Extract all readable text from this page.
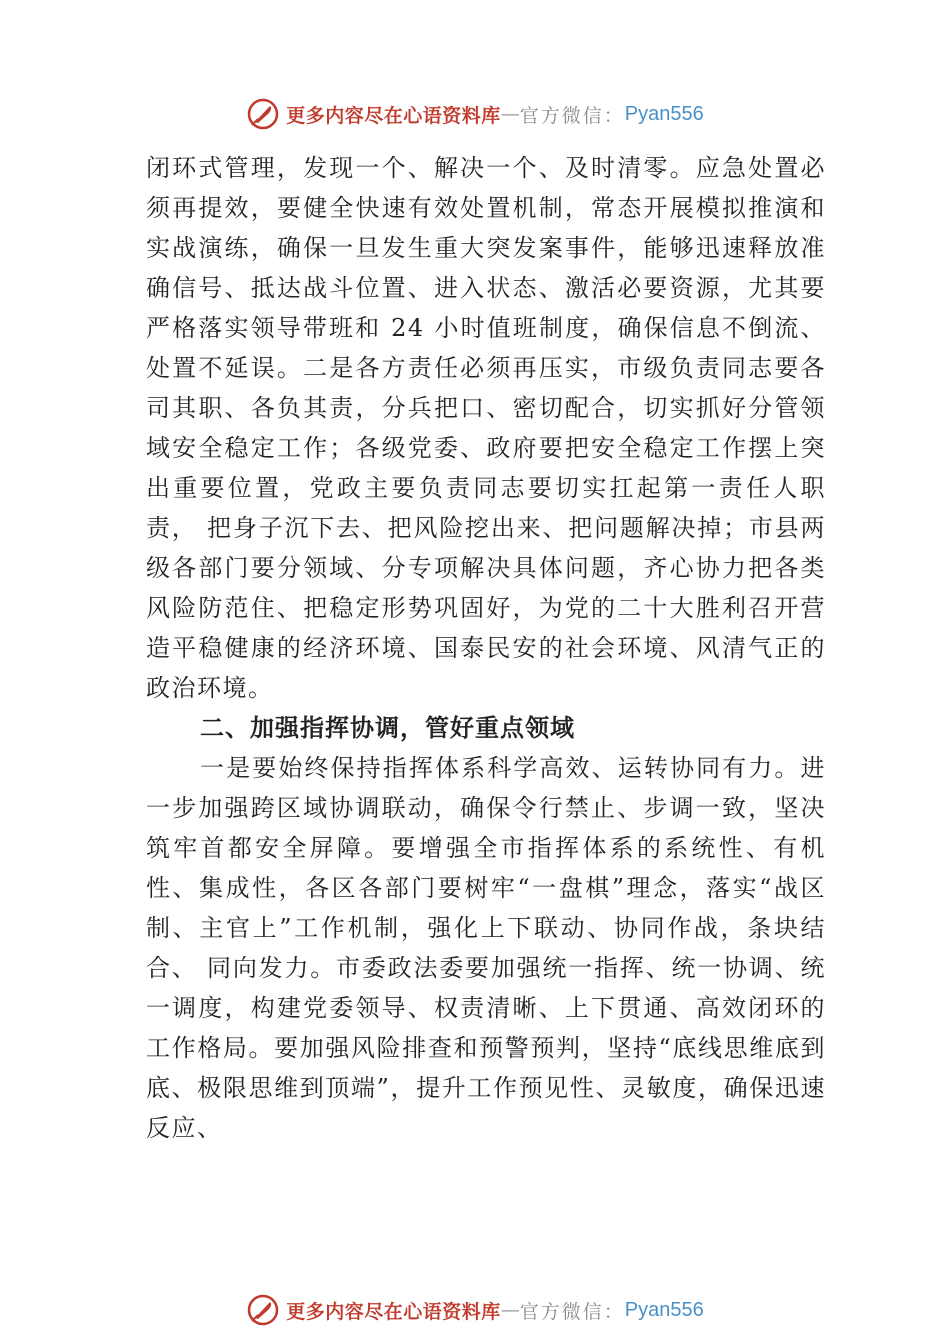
更多内容尽在心语资料库 — 官方微信： Pyan556

闭环式管理，发现一个、解决一个、及时清零。应急处置必须再提效，要健全快速有效处置机制，常态开展模拟推演和实战演练，确保一旦发生重大突发案事件，能够迅速释放准确信号、抵达战斗位置、进入状态、激活必要资源，尤其要严格落实领导带班和 24 小时值班制度，确保信息不倒流、处置不延误。二是各方责任必须再压实，市级负责同志要各司其职、各负其责，分兵把口、密切配合，切实抓好分管领域安全稳定工作；各级党委、政府要把安全稳定工作摆上突出重要位置，党政主要负责同志要切实扛起第一责任人职责， 把身子沉下去、把风险挖出来、把问题解决掉；市县两级各部门要分领域、分专项解决具体问题，齐心协力把各类风险防范住、把稳定形势巩固好，为党的二十大胜利召开营造平稳健康的经济环境、国泰民安的社会环境、风清气正的政治环境。

二、加强指挥协调，管好重点领域

一是要始终保持指挥体系科学高效、运转协同有力。进一步加强跨区域协调联动，确保令行禁止、步调一致，坚决筑牢首都安全屏障。要增强全市指挥体系的系统性、有机性、集成性，各区各部门要树牢“一盘棋”理念，落实“战区制、主官上”工作机制，强化上下联动、协同作战，条块结合、 同向发力。市委政法委要加强统一指挥、统一协调、统一调度，构建党委领导、权责清晰、上下贯通、高效闭环的工作格局。要加强风险排查和预警预判，坚持“底线思维底到底、极限思维到顶端”，提升工作预见性、灵敏度，确保迅速反应、

更多内容尽在心语资料库 — 官方微信： Pyan556
